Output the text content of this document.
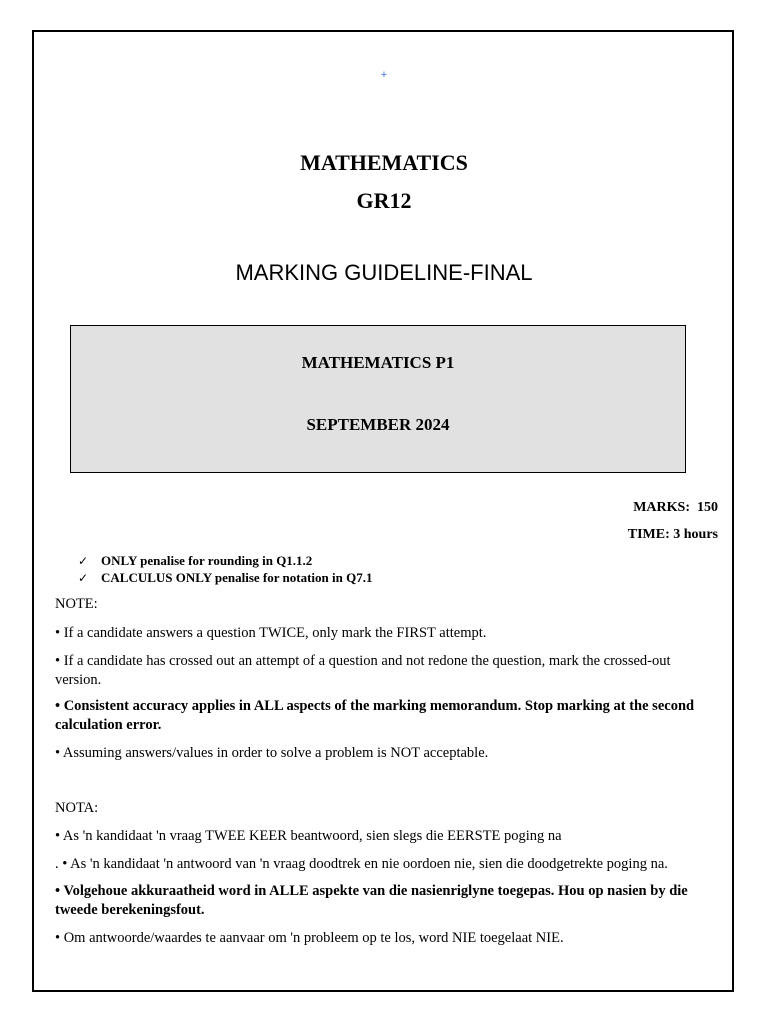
+
MATHEMATICS
GR12
MARKING GUIDELINE-FINAL
MATHEMATICS P1
SEPTEMBER 2024
MARKS:  150
TIME: 3 hours
✓ ONLY penalise for rounding in Q1.1.2
✓ CALCULUS ONLY penalise for notation in Q7.1
NOTE:
• If a candidate answers a question TWICE, only mark the FIRST attempt.
• If a candidate has crossed out an attempt of a question and not redone the question, mark the crossed-out version.
• Consistent accuracy applies in ALL aspects of the marking memorandum. Stop marking at the second calculation error.
• Assuming answers/values in order to solve a problem is NOT acceptable.
NOTA:
• As 'n kandidaat 'n vraag TWEE KEER beantwoord, sien slegs die EERSTE poging na
. • As 'n kandidaat 'n antwoord van 'n vraag doodtrek en nie oordoen nie, sien die doodgetrekte poging na.
• Volgehoue akkuraatheid word in ALLE aspekte van die nasienriglyne toegepas. Hou op nasien by die tweede berekeningsfout.
• Om antwoorde/waardes te aanvaar om 'n probleem op te los, word NIE toegelaat NIE.
